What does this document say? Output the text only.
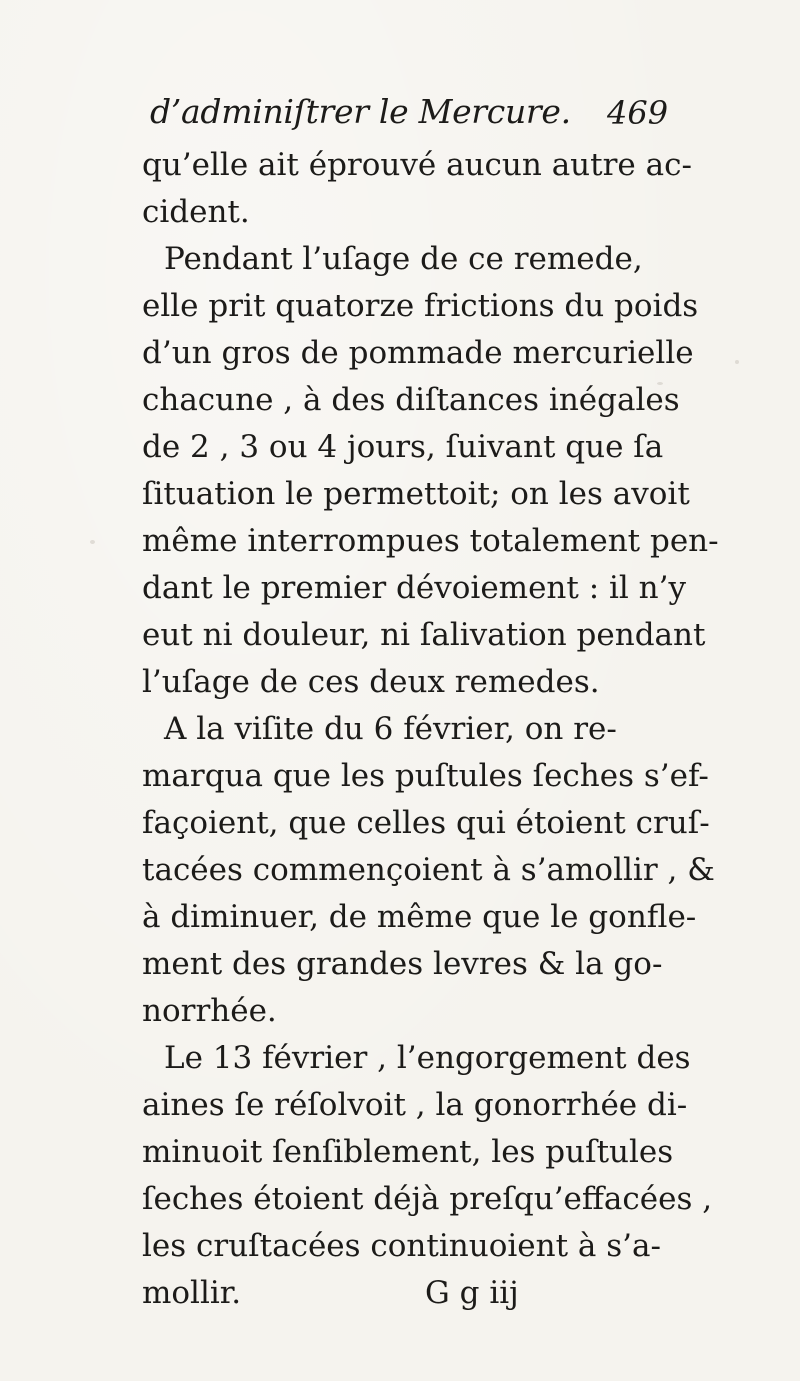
d’adminiſtrer le Mercure. 469
qu’elle ait éprouvé aucun autre ac-
cident.
Pendant l’uſage de ce remede,
elle prit quatorze frictions du poids
d’un gros de pommade mercurielle
chacune , à des diſtances inégales
de 2 , 3 ou 4 jours, ſuivant que ſa
ſituation le permettoit; on les avoit
même interrompues totalement pen-
dant le premier dévoiement : il n’y
eut ni douleur, ni ſalivation pendant
l’uſage de ces deux remedes.
A la viſite du 6 février, on re-
marqua que les puſtules ſeches s’ef-
façoient, que celles qui étoient cruſ-
tacées commençoient à s’amollir , &
à diminuer, de même que le gonfle-
ment des grandes levres & la go-
norrhée.
Le 13 février , l’engorgement des
aines ſe réſolvoit , la gonorrhée di-
minuoit ſenſiblement, les puſtules
ſeches étoient déjà preſqu’effacées ,
les cruſtacées continuoient à s’a-
mollir.	G g iij
